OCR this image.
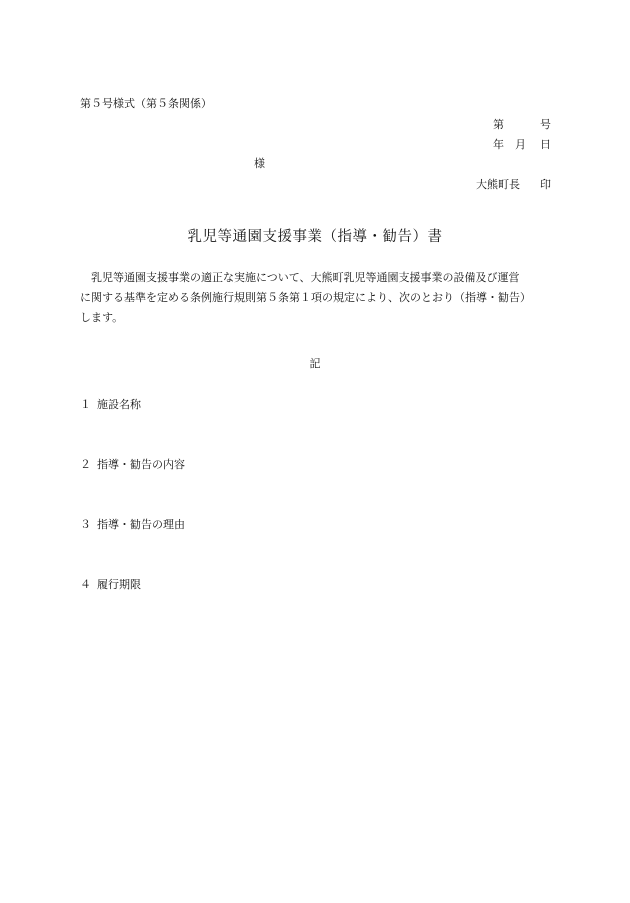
第５号様式（第５条関係）
第	号
年 月 日
様
大熊町長 印
乳児等通園支援事業（指導・勧告）書
　乳児等通園支援事業の適正な実施について、大熊町乳児等通園支援事業の設備及び運営
に関する基準を定める条例施行規則第５条第１項の規定により、次のとおり（指導・勧告）
します。
記
１ 施設名称
２ 指導・勧告の内容
３ 指導・勧告の理由
４ 履行期限
